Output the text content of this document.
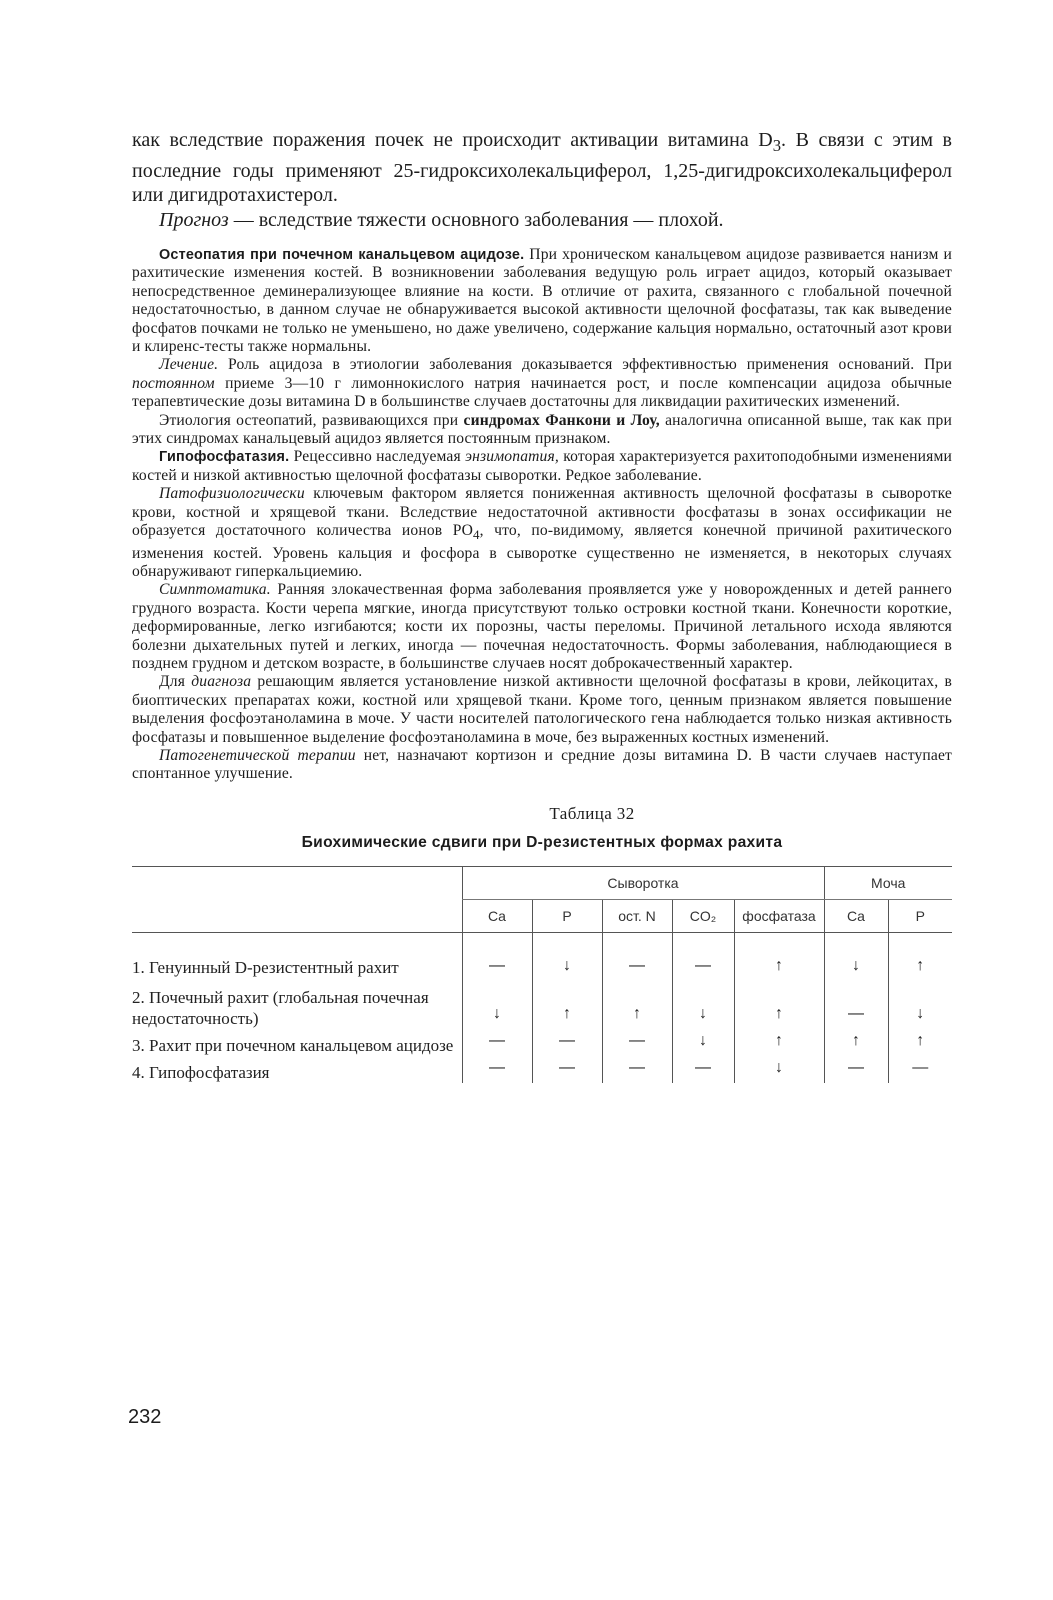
как вследствие поражения почек не происходит активации витамина $D_3$. В связи с этим в последние годы применяют 25-гидроксихолекальциферол, 1,25-дигидроксихолекальциферол или дигидротахистерол.

Прогноз — вследствие тяжести основного заболевания — плохой.

Остеопатия при почечном канальцевом ацидозе. При хроническом канальцевом ацидозе развивается нанизм и рахитические изменения костей. В возникновении заболевания ведущую роль играет ацидоз, который оказывает непосредственное деминерализующее влияние на кости. В отличие от рахита, связанного с глобальной почечной недостаточностью, в данном случае не обнаруживается высокой активности щелочной фосфатазы, так как выведение фосфатов почками не только не уменьшено, но даже увеличено, содержание кальция нормально, остаточный азот крови и клиренс-тесты также нормальны.

Лечение. Роль ацидоза в этиологии заболевания доказывается эффективностью применения оснований. При постоянном приеме 3—10 г лимоннокислого натрия начинается рост, и после компенсации ацидоза обычные терапевтические дозы витамина D в большинстве случаев достаточны для ликвидации рахитических изменений.

Этиология остеопатий, развивающихся при синдромах Фанкони и Лоу, аналогична описанной выше, так как при этих синдромах канальцевый ацидоз является постоянным признаком.

Гипофосфатазия. Рецессивно наследуемая энзимопатия, которая характеризуется рахитоподобными изменениями костей и низкой активностью щелочной фосфатазы сыворотки. Редкое заболевание.

Патофизиологически ключевым фактором является пониженная активность щелочной фосфатазы в сыворотке крови, костной и хрящевой ткани. Вследствие недостаточной активности фосфатазы в зонах оссификации не образуется достаточного количества ионов $PO_4$, что, по-видимому, является конечной причиной рахитического изменения костей. Уровень кальция и фосфора в сыворотке существенно не изменяется, в некоторых случаях обнаруживают гиперкальциемию.

Симптоматика. Ранняя злокачественная форма заболевания проявляется уже у новорожденных и детей раннего грудного возраста. Кости черепа мягкие, иногда присутствуют только островки костной ткани. Конечности короткие, деформированные, легко изгибаются; кости их порозны, часты переломы. Причиной летального исхода являются болезни дыхательных путей и легких, иногда — почечная недостаточность. Формы заболевания, наблюдающиеся в позднем грудном и детском возрасте, в большинстве случаев носят доброкачественный характер.

Для диагноза решающим является установление низкой активности щелочной фосфатазы в крови, лейкоцитах, в биоптических препаратах кожи, костной или хрящевой ткани. Кроме того, ценным признаком является повышение выделения фосфоэтаноламина в моче. У части носителей патологического гена наблюдается только низкая активность фосфатазы и повышенное выделение фосфоэтаноламина в моче, без выраженных костных изменений.

Патогенетической терапии нет, назначают кортизон и средние дозы витамина D. В части случаев наступает спонтанное улучшение.

Таблица 32
Биохимические сдвиги при D-резистентных формах рахита
	Сыворотка					Моча	
	Ca	P	ост. N	CO₂	фосфатаза	Ca	P
1. Генуинный D-резистентный рахит	—	↓	—	—	↑	↓	↑
2. Почечный рахит (глобальная почечная недостаточность)	↓	↑	↑	↓	↑	—	↓
3. Рахит при почечном канальцевом ацидозе	—	—	—	↓	↑	↑	↑
4. Гипофосфатазия	—	—	—	—	↓	—	—
232
